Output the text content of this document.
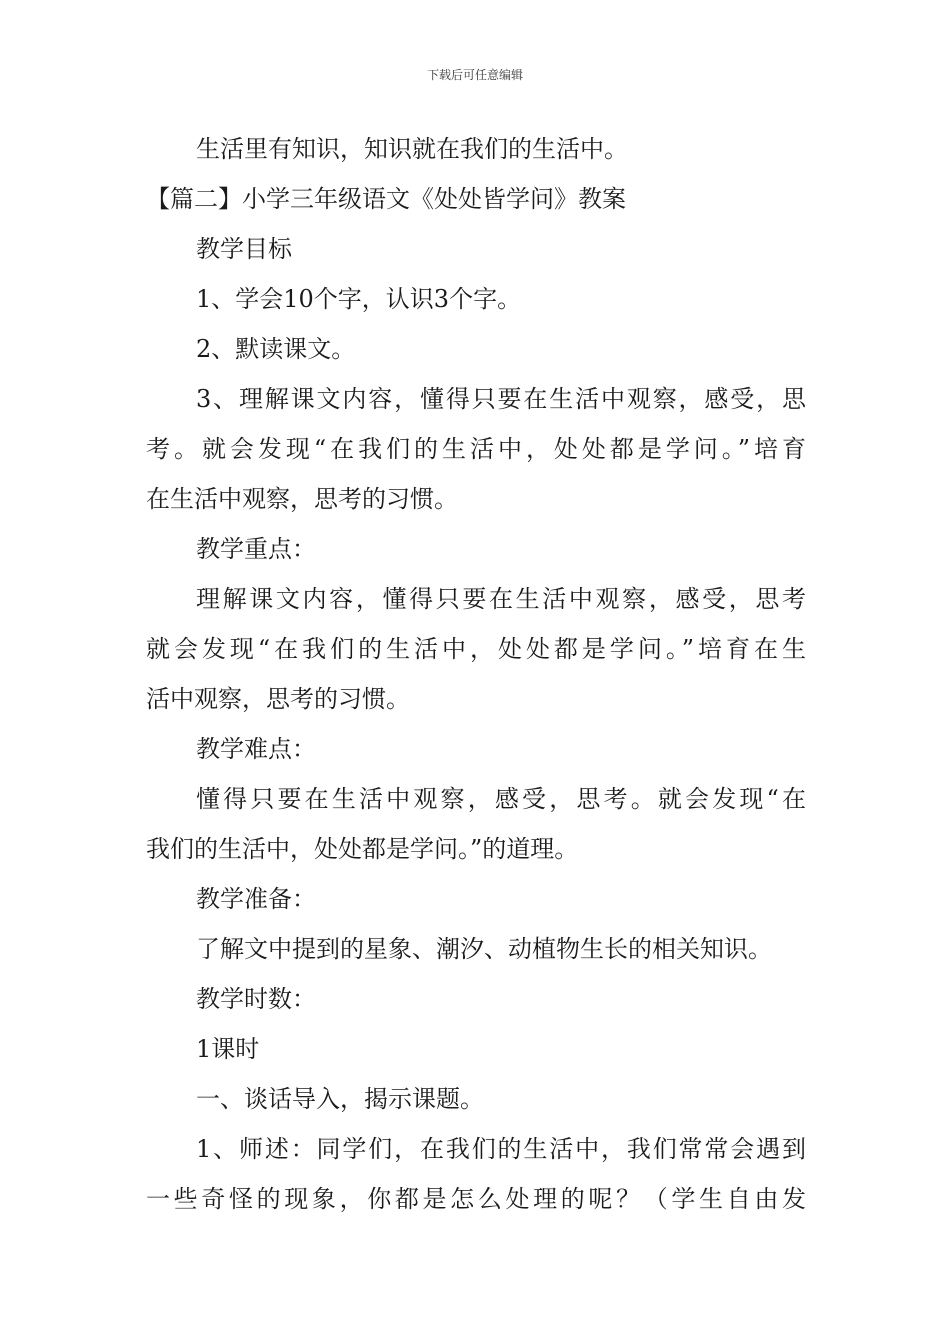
下载后可任意编辑

生活里有知识，知识就在我们的生活中。

【篇二】小学三年级语文《处处皆学问》教案

教学目标

1、学会10个字，认识3个字。

2、默读课文。

3、理解课文内容，懂得只要在生活中观察，感受，思

考。就会发现“在我们的生活中，处处都是学问。”培育

在生活中观察，思考的习惯。

教学重点：

理解课文内容，懂得只要在生活中观察，感受，思考

就会发现“在我们的生活中，处处都是学问。”培育在生

活中观察，思考的习惯。

教学难点：

懂得只要在生活中观察，感受，思考。就会发现“在

我们的生活中，处处都是学问。”的道理。

教学准备：

了解文中提到的星象、潮汐、动植物生长的相关知识。

教学时数：

1课时

一、谈话导入，揭示课题。

1、师述：同学们，在我们的生活中，我们常常会遇到

一些奇怪的现象，你都是怎么处理的呢？（学生自由发
